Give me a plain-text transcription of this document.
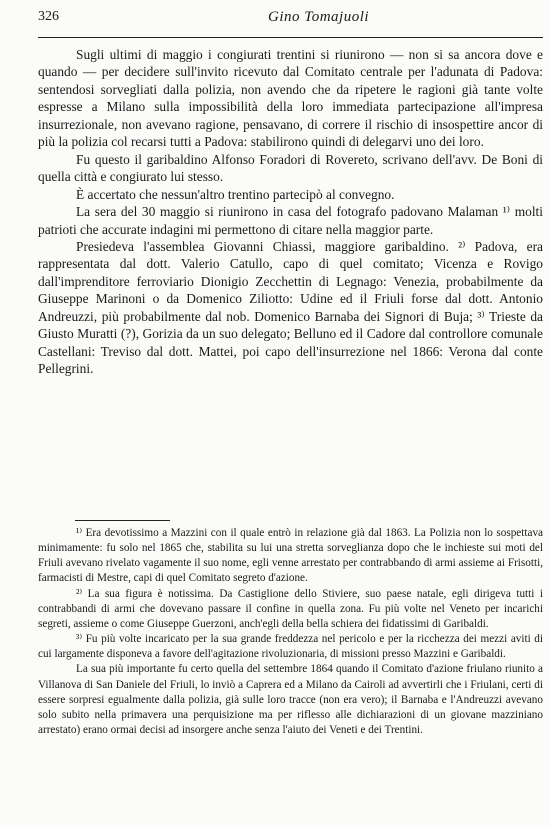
326	Gino Tomajuoli

Sugli ultimi di maggio i congiurati trentini si riunirono — non si sa ancora dove e quando — per decidere sull'invito ricevuto dal Comitato centrale per l'adunata di Padova: sentendosi sorvegliati dalla polizia, non avendo che da ripetere le ragioni già tante volte espresse a Milano sulla impossibilità della loro immediata partecipazione all'impresa insurrezionale, non avevano ragione, pensavano, di correre il rischio di insospettire ancor di più la polizia col recarsi tutti a Padova: stabilirono quindi di delegarvi uno dei loro.

Fu questo il garibaldino Alfonso Foradori di Rovereto, scrivano dell'avv. De Boni di quella città e congiurato lui stesso.

È accertato che nessun'altro trentino partecipò al convegno.

La sera del 30 maggio si riunirono in casa del fotografo padovano Malaman ¹⁾ molti patrioti che accurate indagini mi permettono di citare nella maggior parte.

Presiedeva l'assemblea Giovanni Chiassi, maggiore garibaldino. ²⁾ Padova, era rappresentata dal dott. Valerio Catullo, capo di quel comitato; Vicenza e Rovigo dall'imprenditore ferroviario Dionigio Zecchettin di Legnago: Venezia, probabilmente da Giuseppe Marinoni o da Domenico Ziliotto: Udine ed il Friuli forse dal dott. Antonio Andreuzzi, più probabilmente dal nob. Domenico Barnaba dei Signori di Buja; ³⁾ Trieste da Giusto Muratti (?), Gorizia da un suo delegato; Belluno ed il Cadore dal controllore comunale Castellani: Treviso dal dott. Mattei, poi capo dell'insurrezione nel 1866: Verona dal conte Pellegrini.

¹⁾ Era devotissimo a Mazzini con il quale entrò in relazione già dal 1863. La Polizia non lo sospettava minimamente: fu solo nel 1865 che, stabilita su lui una stretta sorveglianza dopo che le inchieste sui moti del Friuli avevano rivelato vagamente il suo nome, egli venne arrestato per contrabbando di armi assieme ai Frisotti, farmacisti di Mestre, capi di quel Comitato segreto d'azione.

²⁾ La sua figura è notissima. Da Castiglione dello Stiviere, suo paese natale, egli dirigeva tutti i contrabbandi di armi che dovevano passare il confine in quella zona. Fu più volte nel Veneto per incarichi segreti, assieme o come Giuseppe Guerzoni, anch'egli della bella schiera dei fidatissimi di Garibaldi.

³⁾ Fu più volte incaricato per la sua grande freddezza nel pericolo e per la ricchezza dei mezzi aviti di cui largamente disponeva a favore dell'agitazione rivoluzionaria, di missioni presso Mazzini e Garibaldi.

La sua più importante fu certo quella del settembre 1864 quando il Comitato d'azione friulano riunito a Villanova di San Daniele del Friuli, lo inviò a Caprera ed a Milano da Cairoli ad avvertirli che i Friulani, certi di essere sorpresi egualmente dalla polizia, già sulle loro tracce (non era vero); il Barnaba e l'Andreuzzi avevano solo subito nella primavera una perquisizione ma per riflesso alle dichiarazioni di un giovane mazziniano arrestato) erano ormai decisi ad insorgere anche senza l'aiuto dei Veneti e dei Trentini.
